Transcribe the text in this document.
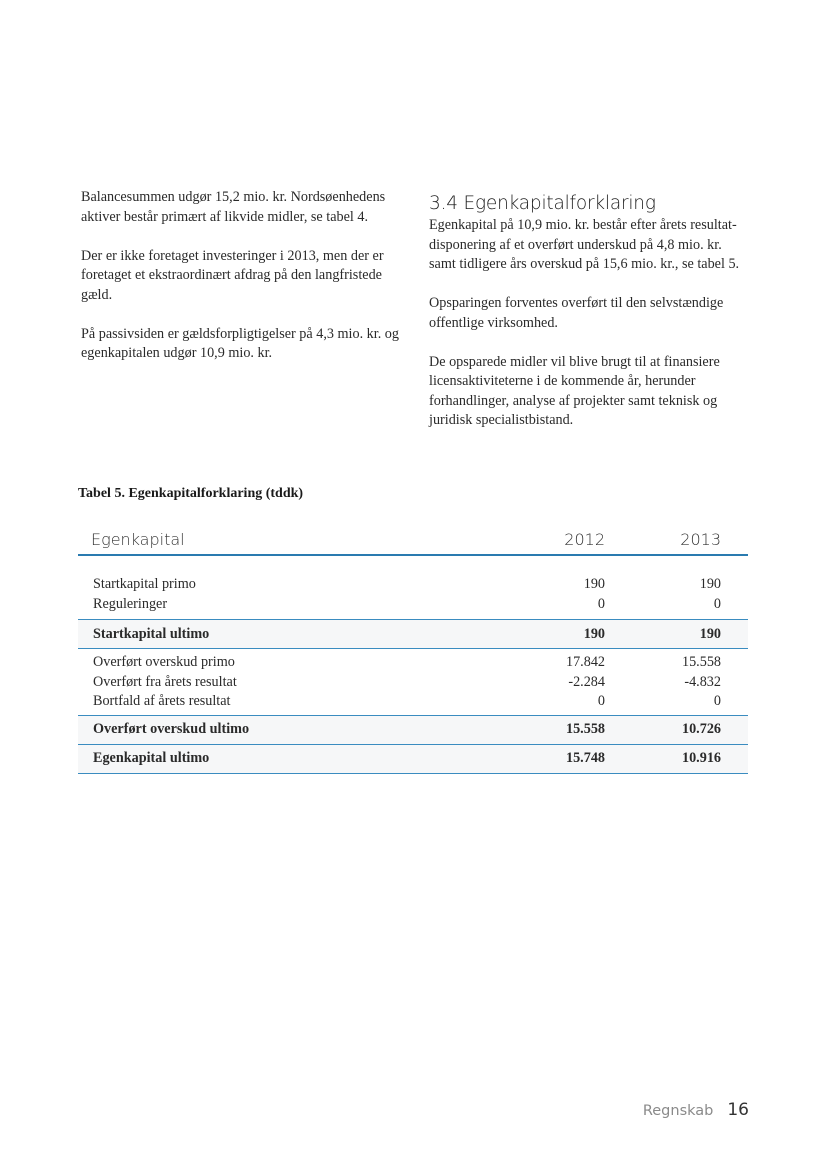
Balancesummen udgør 15,2 mio. kr. Nordsøenhedens aktiver består primært af likvide midler, se tabel 4.

Der er ikke foretaget investeringer i 2013, men der er foretaget et ekstraordinært afdrag på den langfristede gæld.

På passivsiden er gældsforpligtigelser på 4,3 mio. kr. og egenkapitalen udgør 10,9 mio. kr.

3.4 Egenkapitalforklaring

Egenkapital på 10,9 mio. kr. består efter årets resultatdisponering af et overført underskud på 4,8 mio. kr. samt tidligere års overskud på 15,6 mio. kr., se tabel 5.

Opsparingen forventes overført til den selvstændige offentlige virksomhed.

De opsparede midler vil blive brugt til at finansiere licensaktiviteterne i de kommende år, herunder forhandlinger, analyse af projekter samt teknisk og juridisk specialistbistand.

Tabel 5. Egenkapitalforklaring (tddk)
Egenkapital	2012	2013
Startkapital primo	190	190
Reguleringer	0	0
Startkapital ultimo	190	190
Overført overskud primo	17.842	15.558
Overført fra årets resultat	-2.284	-4.832
Bortfald af årets resultat	0	0
Overført overskud ultimo	15.558	10.726
Egenkapital ultimo	15.748	10.916
Regnskab 16
